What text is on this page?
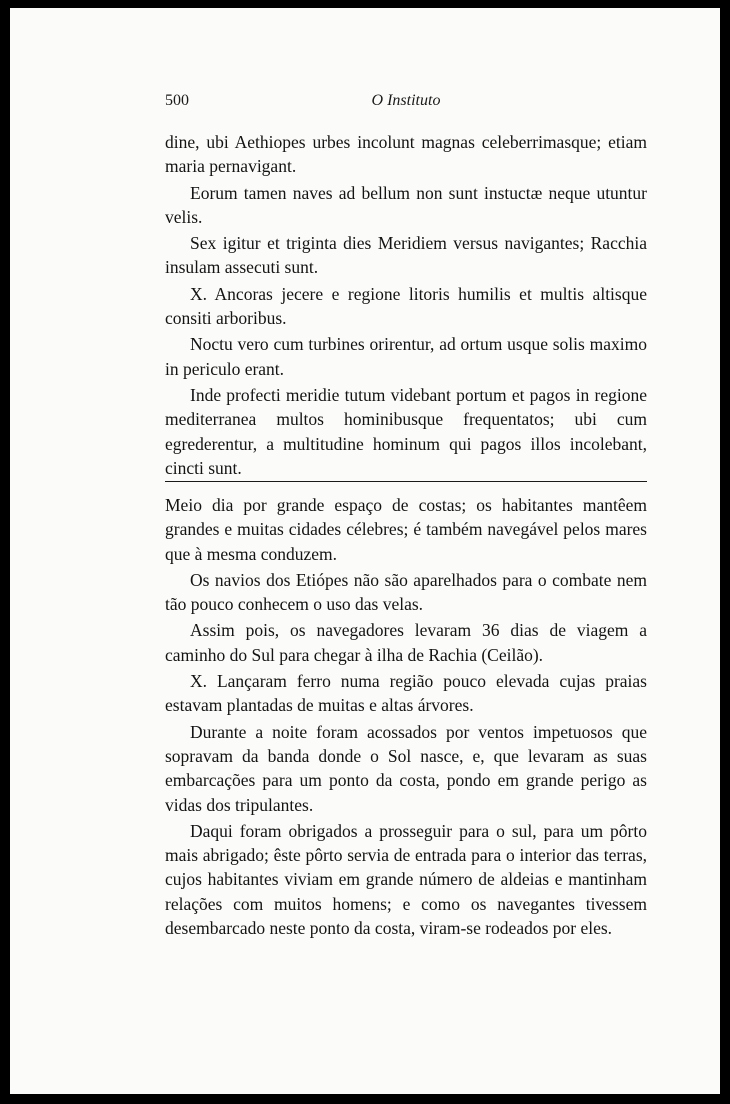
500	O Instituto

dine, ubi Aethiopes urbes incolunt magnas celeberrimasque; etiam maria pernavigant.

Eorum tamen naves ad bellum non sunt instuctæ neque utuntur velis.

Sex igitur et triginta dies Meridiem versus navigantes; Racchia insulam assecuti sunt.

X. Ancoras jecere e regione litoris humilis et multis altisque consiti arboribus.

Noctu vero cum turbines orirentur, ad ortum usque solis maximo in periculo erant.

Inde profecti meridie tutum videbant portum et pagos in regione mediterranea multos hominibusque frequentatos; ubi cum egrederentur, a multitudine hominum qui pagos illos incolebant, cincti sunt.

Meio dia por grande espaço de costas; os habitantes mantêem grandes e muitas cidades célebres; é também navegável pelos mares que à mesma conduzem.

Os navios dos Etiópes não são aparelhados para o combate nem tão pouco conhecem o uso das velas.

Assim pois, os navegadores levaram 36 dias de viagem a caminho do Sul para chegar à ilha de Rachia (Ceilão).

X. Lançaram ferro numa região pouco elevada cujas praias estavam plantadas de muitas e altas árvores.

Durante a noite foram acossados por ventos impetuosos que sopravam da banda donde o Sol nasce, e, que levaram as suas embarcações para um ponto da costa, pondo em grande perigo as vidas dos tripulantes.

Daqui foram obrigados a prosseguir para o sul, para um pôrto mais abrigado; êste pôrto servia de entrada para o interior das terras, cujos habitantes viviam em grande número de aldeias e mantinham relações com muitos homens; e como os navegantes tivessem desembarcado neste ponto da costa, viram-se rodeados por eles.
